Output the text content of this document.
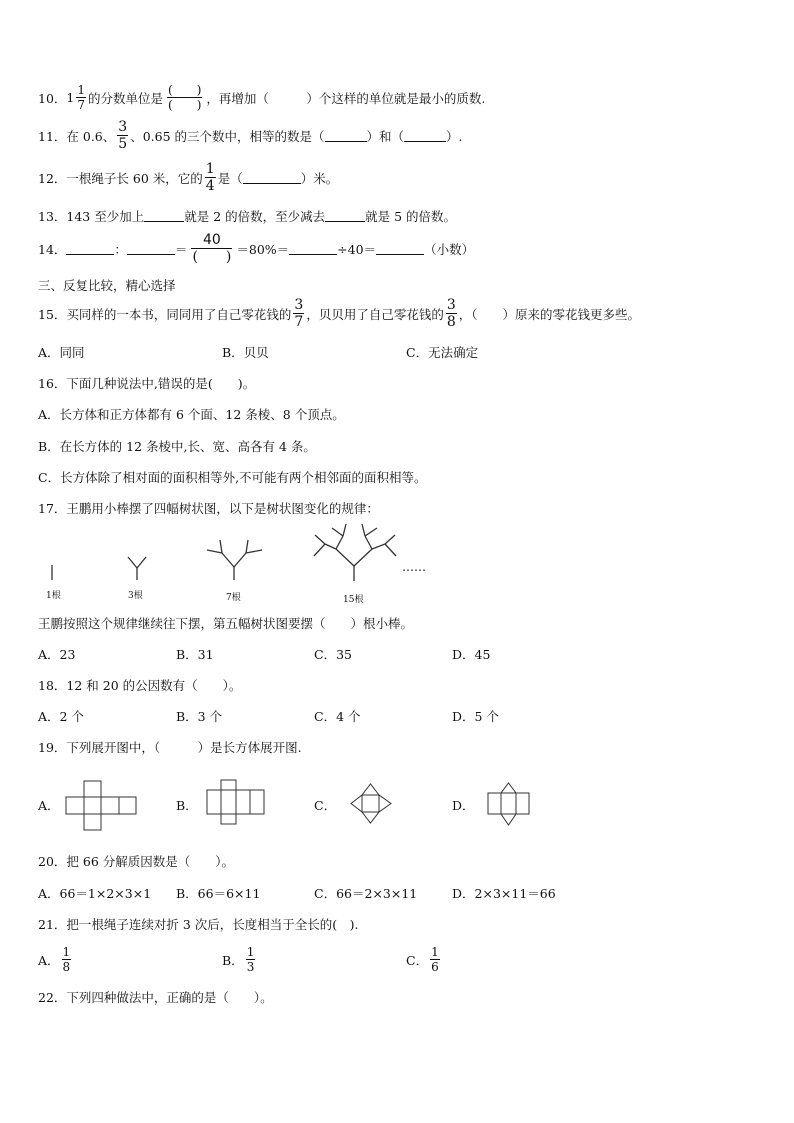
10． $1 \frac{1}{7}$ 的分数单位是 $\frac{( )}{( )}$ ，再增加（　　　）个这样的单位就是最小的质数.
11． 在 0.6、 $\frac{3}{5}$ 、0.65 的三个数中，相等的数是（	）和（	）.
12． 一根绳子长 60 米，它的 $\frac{1}{4}$ 是（	）米。
13． 143 至少加上	就是 2 的倍数，至少减去	就是 5 的倍数。
14．	：	＝ $\frac{40}{( )} =80\%=$	÷40＝	（小数）
三、反复比较，精心选择
15． 买同样的一本书，同同用了自己零花钱的 $\frac{3}{7}$ ，贝贝用了自己零花钱的 $\frac{3}{8}$ ，（　　）原来的零花钱更多些。
A．同同	B．贝贝	C．无法确定
16． 下面几种说法中,错误的是(　　)。
A．长方体和正方体都有 6 个面、12 条棱、8 个顶点。
B．在长方体的 12 条棱中,长、宽、高各有 4 条。
C．长方体除了相对面的面积相等外,不可能有两个相邻面的面积相等。
17． 王鹏用小棒摆了四幅树状图，以下是树状图变化的规律：
1根	3根	7根	15根
……
王鹏按照这个规律继续往下摆，第五幅树状图要摆（　　）根小棒。
A．23	B．31	C．35	D．45
18． 12 和 20 的公因数有（　　）。
A．2 个	B．3 个	C．4 个	D．5 个
19． 下列展开图中，（　　　）是长方体展开图.
A．	B．	C．	D．
20． 把 66 分解质因数是（　　）。
A．66＝1×2×3×1 B．66＝6×11	C．66＝2×3×11	D．2×3×11＝66
21． 把一根绳子连续对折 3 次后，长度相当于全长的(　).
A． $\frac{1}{8}$	B． $\frac{1}{3}$	C． $\frac{1}{6}$
22． 下列四种做法中，正确的是（　　）。
